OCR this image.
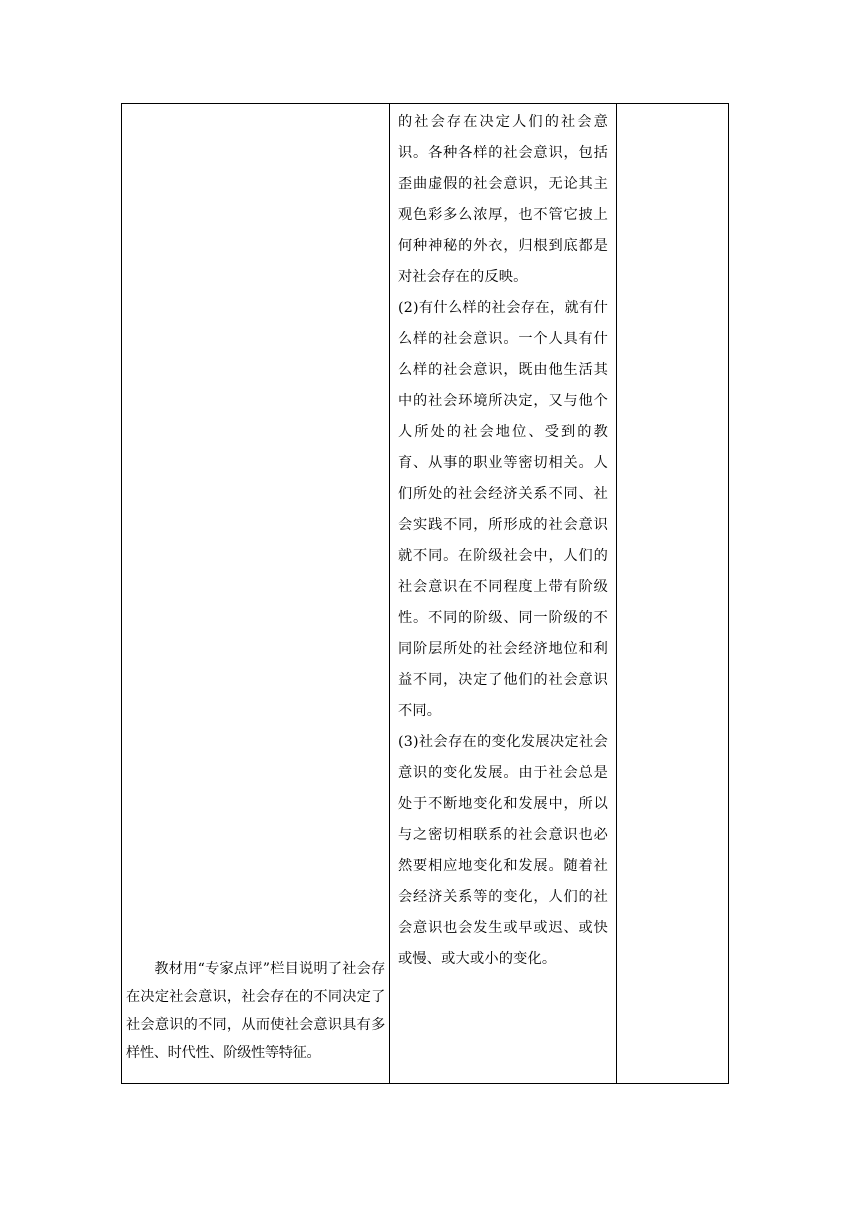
教材用“专家点评”栏目说明了社会存在决定社会意识，社会存在的不同决定了社会意识的不同，从而使社会意识具有多样性、时代性、阶级性等特征。

的社会存在决定人们的社会意识。各种各样的社会意识，包括歪曲虚假的社会意识，无论其主观色彩多么浓厚，也不管它披上何种神秘的外衣，归根到底都是对社会存在的反映。

(2)有什么样的社会存在，就有什么样的社会意识。一个人具有什么样的社会意识，既由他生活其中的社会环境所决定，又与他个人所处的社会地位、受到的教育、从事的职业等密切相关。人们所处的社会经济关系不同、社会实践不同，所形成的社会意识就不同。在阶级社会中，人们的社会意识在不同程度上带有阶级性。不同的阶级、同一阶级的不同阶层所处的社会经济地位和利益不同，决定了他们的社会意识不同。

(3)社会存在的变化发展决定社会意识的变化发展。由于社会总是处于不断地变化和发展中，所以与之密切相联系的社会意识也必然要相应地变化和发展。随着社会经济关系等的变化，人们的社会意识也会发生或早或迟、或快或慢、或大或小的变化。
